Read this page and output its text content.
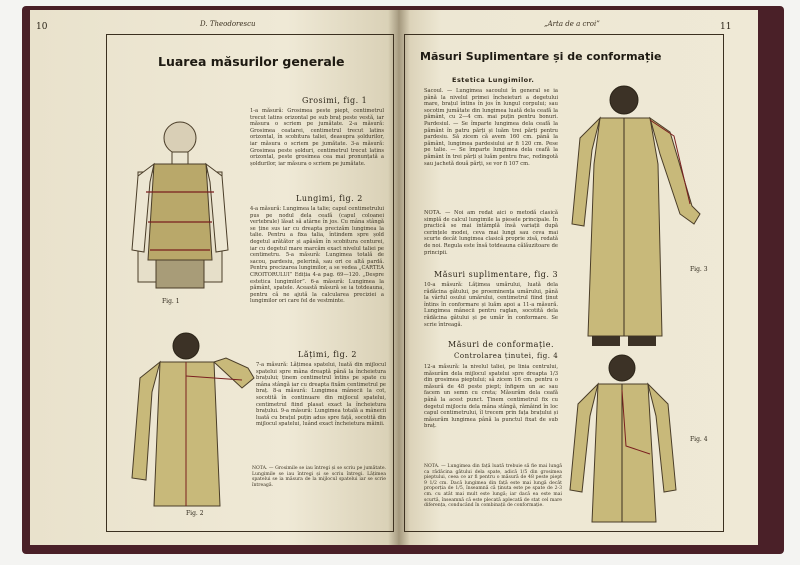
10	D. Theodorescu
Luarea măsurilor generale
Fig. 1
Fig. 2
Grosimi, fig. 1
1-a măsură: Grosimea peste piept, centimetrul trecut latins orizontal pe sub braț peste vestă, iar măsura o scriem pe jumătate. 2-a măsură: Grosimea ceatarei, centimetrul trecut latins orizontal, în scobitura taliei, deasupra șoldurilor, iar măsura o scriem pe jumătate. 3-a măsură: Grosimea peste șolduri, centimetrul trecut latins orizontal, peste grosimea cea mai pronunțată a șoldurilor, iar măsura o scriem pe jumătate.
Lungimi, fig. 2
4-a măsură: Lungimea la talie; capul centimetrului pus pe nodul dela ceafă (capul coloanei vertebrale) lăsat să atârne în jos. Cu mâna stângă se ține sus iar cu dreapta precizăm lungimea la talie. Pentru a fixa talia, întindem spre șold degetul arătător și apăsăm în scobitura centurei, iar cu degetul mare marcăm exact nivelul taliei pe centimetru. 5-a măsură: Lungimea totală de sacou, pardesiu, pelerină, sau ori ce altă pardă. Pentru precizarea lungimilor, a se vedea „CARTEA CROITORULUI” Ediția 4-a pag. 69—120. „Despre estetica lungimilor”. 6-a măsură: Lungimea la pământ, spatele. Această măsură se ia totdeauna, pentru că ne ajută la calcularea preciziei a lungimilor ori care fel de vestminte.
Lățimi, fig. 2
7-a măsură: Lățimea spatelui, luată din mijlocul spatelui spre mâna dreaptă până la încheietura brațului; ținem centimetrul întins pe spate cu mâna stângă iar cu dreapta fixăm centimetrul pe braț. 8-a măsură: Lungimea mânecii la cot, socotită în continuare din mijlocul spatelui, centimetrul fiind plasat exact la încheietura brațului. 9-a măsură: Lungimea totală a mânecii luată cu brațul puțin adus spre față, socotită din mijlocul spatelui, luând exact încheietura mâinii.
NOTA. — Grosimile se iau întregi și se scriu pe jumătate. Lungimile se iau întregi și se scriu întregi. Lățimea spatelui se ia măsura de la mijlocul spatelui iar se scrie întreagă.
„Arta de a croi”	11
Măsuri Suplimentare și de conformație
Estetica Lungimilor.
Sacoul. — Lungimea sacoului în general se ia până la nivelul primei încheieturi a degetului mare, brațul întins în jos în lungul corpului; sau socotim jumătate din lungimea luată dela ceafă la pământ, cu 2—4 cm. mai puțin pentru bonuri. Pardesiul. — Se împarte lungimea dela ceafă la pământ în patru părți și luăm trei părți pentru pardesiu. Să zicem că avem 160 cm. până la pământ, lungimea pardesiului ar fi 120 cm. Pese pe talie. — Se împarte lungimea dela ceafă la pământ în trei părți și luăm pentru frac, redingotă sau jachetă două părți, se vor fi 107 cm.
NOTA. — Noi am redat aici o metodă clasică simplă de calcul lungimile la piesele principale. În practică se mai întâmplă însă variații după cerințele modei, ceva mai lungi sau ceva mai scurte decât lungimea clasică proprie zisă, redată de noi. Regula este însă totdeauna călăuzitoare de principii.
Măsuri suplimentare, fig. 3
10-a măsură: Lățimea umărului, luată dela rădăcina gâtului, pe proeminența umărului, până la vârful osului umărului, centimetrul fiind ținut întins în conformare și luăm apoi a 11-a măsură. Lungimea mânecii pentru raglan, socotită dela rădăcina gâtului și pe umăr în conformare. Se scrie întreagă.
Măsuri de conformație.
Controlarea ținutei, fig. 4
12-a măsură: la nivelul taliei, pe linia centrului, măsurăm dela mijlocul spatelui spre dreapta 1/3 din grosimea pieptului; să zicem 16 cm. pentru o măsură de 48 peste piept; înfigem un ac sau facem un semn cu creta; Măsurăm dela ceafă până la acest punct. Ținem centimetrul fix cu degetul mijlociu dela mâna stângă, rămâind în loc capul centimetrului, îl trecem prin fața brațului și măsurăm lungimea până la punctul fixat de sub braț.
NOTA. — Lungimea din față luată trebuie să fie mai lungă ca rădăcina gâtului dela spate, adică 1/5 din grosimea pieptului, ceea ce ar fi pentru o măsură de 48 peste piept 9 1/2 cm. Dacă lungimea din față este mai lungă decât proporția de 1/5, înseamnă că ținuta este pe spate de 2-3 cm. cu atât mai mult este lungă; iar dacă ea este mai scurtă, înseamnă că este plecată aplecată de stat cel mare diferența, conducând în combinații de conformație.
Fig. 3
Fig. 4
